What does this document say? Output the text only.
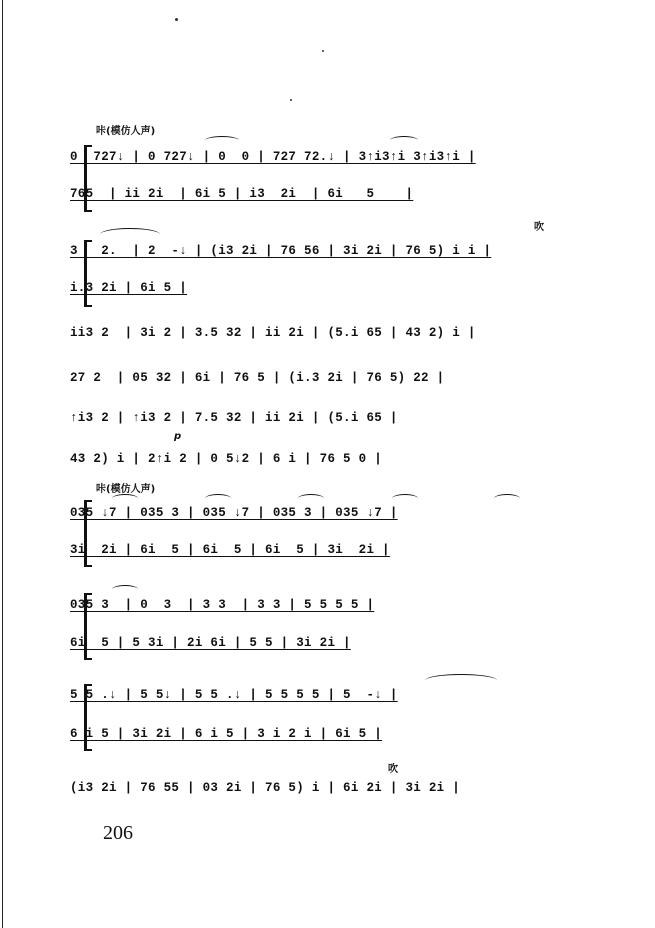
咔(模仿人声)
0  727↓ | 0 727↓ | 0  0 | 727 72.↓ | 3↑i3↑i 3↑i3↑i |
765  | ii 2i  | 6i 5 | i3  2i  | 6i   5    |
吹
3   2.  | 2  -↓ | (i3 2i | 76 56 | 3i 2i | 76 5) i i |
i.3 2i | 6i 5 |
ii3 2  | 3i 2 | 3.5 32 | ii 2i | (5.i 65 | 43 2) i |
27 2  | 05 32 | 6i | 76 5 | (i.3 2i | 76 5) 22 |
↑i3 2 | ↑i3 2 | 7.5 32 | ii 2i | (5.i 65 |
p
43 2) i | 2↑i 2 | 0 5↓2 | 6 i | 76 5 0 |
咔(模仿人声)
035 ↓7 | 035 3 | 035 ↓7 | 035 3 | 035 ↓7 |
3i  2i | 6i  5 | 6i  5 | 6i  5 | 3i  2i |
035 3  | 0  3  | 3 3  | 3 3 | 5 5 5 5 |
6i  5 | 5 3i | 2i 6i | 5 5 | 3i 2i |
5 5 .↓ | 5 5↓ | 5 5 .↓ | 5 5 5 5 | 5  -↓ |
6 i 5 | 3i 2i | 6 i 5 | 3 i 2 i | 6i 5 |
吹
(i3 2i | 76 55 | 03 2i | 76 5) i | 6i 2i | 3i 2i |
206
